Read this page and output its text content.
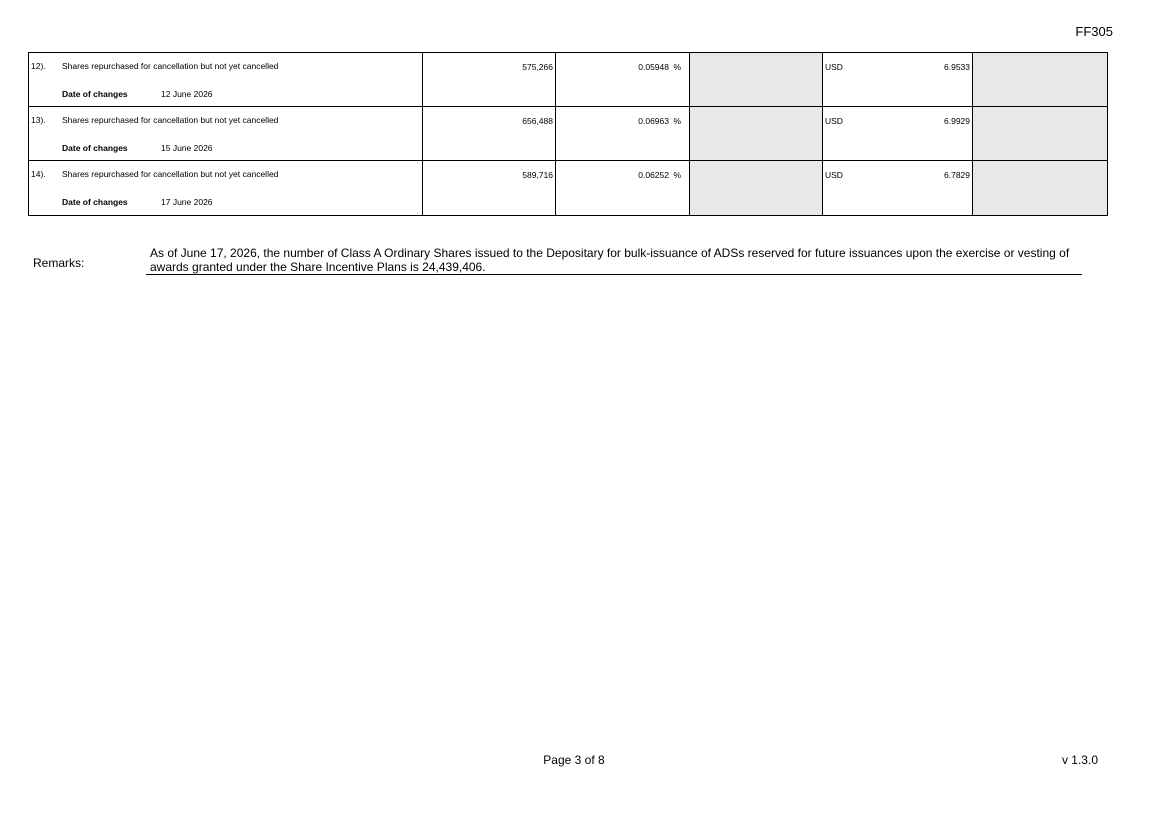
FF305
12). Shares repurchased for cancellation but not yet cancelled
Date of changes	12 June 2026
575,266	0.05948 %	USD	6.9533
13). Shares repurchased for cancellation but not yet cancelled
Date of changes	15 June 2026
656,488	0.06963 %	USD	6.9929
14). Shares repurchased for cancellation but not yet cancelled
Date of changes	17 June 2026
589,716	0.06252 %	USD	6.7829
Remarks:
As of June 17, 2026, the number of Class A Ordinary Shares issued to the Depositary for bulk-issuance of ADSs reserved for future issuances upon the exercise or vesting of awards granted under the Share Incentive Plans is 24,439,406.
Page 3 of 8	v 1.3.0
